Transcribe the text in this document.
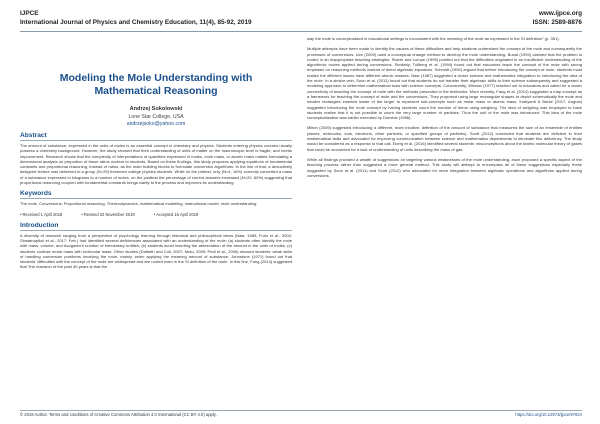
IJPCE
International Journal of Physics and Chemistry Education, 11(4), 85-92, 2019
www.ijpce.org
ISSN: 2589-8876
Modeling the Mole Understanding with Mathematical Reasoning
Andrzej Sokolowski
Lone Star College, USA
andrzejsoko@yahoo.com
Abstract
The amount of substance, expressed in the units of moles is an essential concept in chemistry and physics. Students entering physics courses usually possess a chemistry background. However, the study showed that their understanding of units of matter on the macroscopic level is fragile, and needs improvement. Research shows that the complexity of interpretations of quantities expressed in moles, mole mass, or atomic mass makes formulating a dimensional analysis on proportion of these ratios unclear to students. Based on these findings, this study proposes applying equations of fundamental constants and proportional reasoning, instead of ratios, as the main building blocks to formulate conversion algorithms. In the line of that, a deductively designed lecture was delivered to a group (N=25) freshmen college physics students. While on the pretest, only (N=4, 16%) correctly converted a mass of a substance expressed in kilograms to a number of moles, on the posttest the percentage of correct answers increased (N=20, 80%) suggesting that proportional reasoning coupled with fundamental constants brings clarity to the process and improves its understanding.
Keywords
The mole, Conversions, Proportional reasoning, Thermodynamics, mathematical modelling, instructional model, mole understanding
•Received 1 April 2018	•Revised 22 November 2018	•Accepted 15 April 2019
Introduction
A diversity of research ranging from a perspective of psychology learning through historical and philosophical views (Nasr, 1989; Furio et al., 2002; Sirwatnapikul et al., 2017; Feb.) had identified several deficiencies associated with an understanding of the mole; (a) students often identify the mole with mass, volume, and Avogadro's number of elementary entities; (b) students avoid inserting the abbreviation of the amount in the units of moles, (c) students confuse molar mass with molecular mass. Other studies (Dalbeth and Coll, 2007; Mutu, 2009; Pedi et al., 2006) showed students' weak skills of handling conversion problems involving the mole, mainly, when applying the meaning amount of substance. Johnstone (1971) found out that students' difficulties with the concept of the mole are widespread and are rooted even in the SI definition of the mole. In this line, Fang (2014) suggested that "the research of the past 40 years is that the
way the mole is conceptualized in educational settings is inconsistent with the meaning of the mole as expressed in the SI definition" (p. 351).
Multiple attempts have been made to identify the causes of these difficulties and help students understand the concept of the mole and consequently the processes of conversions. Uce (2009) used a conceptual change method to develop the mole understanding. Bucat (1994) claimed that the problem is rooted in an inappropriate teaching strategies. Staver and Lumpe (1995) pointed out that the difficulties originated in an insufficient understanding of the algorithmic routes applied during conversions. Similarly, Tullberg et al. (1994) found out that educators teach the concept of the mole with strong emphasis on reasoning methods instead of direct algebraic equations. Schmidt (1990) argued that before introducing the concept of mole, students must realize the different issues have different atomic masses. Nasr (1987) suggested a closer science and mathematics integration to introducing the idea of the mole. In a similar vein, Soon et al. (2011) found out that students do not transfer their algebraic skills to their science subsequently and suggested a modeling approach to determine mathematical tools with science concepts. Concurrently, Whelan (1977) reached out to educators and called for a closer connectivity of teaching the concept of mole with the methods presented in the textbooks. More recently, Fang et al. (2014) suggested a map concept as a framework for teaching the concept of mole and the conversions. They proposed using large rectangular shapes to depict schematically the mole and smaller rectangles inserted inside of the larger to represent sub-concepts such as molar mass or atomic mass. Indriyanti & Barke (2017, August) suggested introducing the mole concept by having students count the number of items using weighing. The idea of weighing was employed to have students realize that it is not possible to count the very large number of particles. Thus the unit of the mole was introduced. This idea of the mole conceptualization was earlier executed by Dominic (1996).
Milton (2009) suggested introducing a different, more intuitive, definition of the amount of substance that measured the size of an ensemble of entities (atoms, molecules, ions, electrons, other particles, or specified groups of particles). Scott (2012) concluded that students are deficient in their mathematical skills and advocated for improving communication between science and mathematics departments to eliminate this deficiency. The study would be considered as a response to that call. Ekerg et al. (2016) identified several students' misconceptions about the kinetic molecular theory of gases that could be accounted for a lack of understanding of units describing the mass of gas.
While all findings provided a wealth of suggestions on targeting various weaknesses of the mole understanding, each proposed a specific aspect of the teaching process rather than suggested a more general method. This study will attempt to encompass all of these suggestions especially these suggested by Soon et al. (2011) and Scott (2012) who advocated for more integration between algebraic operations and algorithms applied during conversions.
© 2019 Author. Terms and conditions of Creative Commons Attribution 4.0 International (CC BY 4.0) apply.	https://doi.org/10.12973/ijpce/97824
